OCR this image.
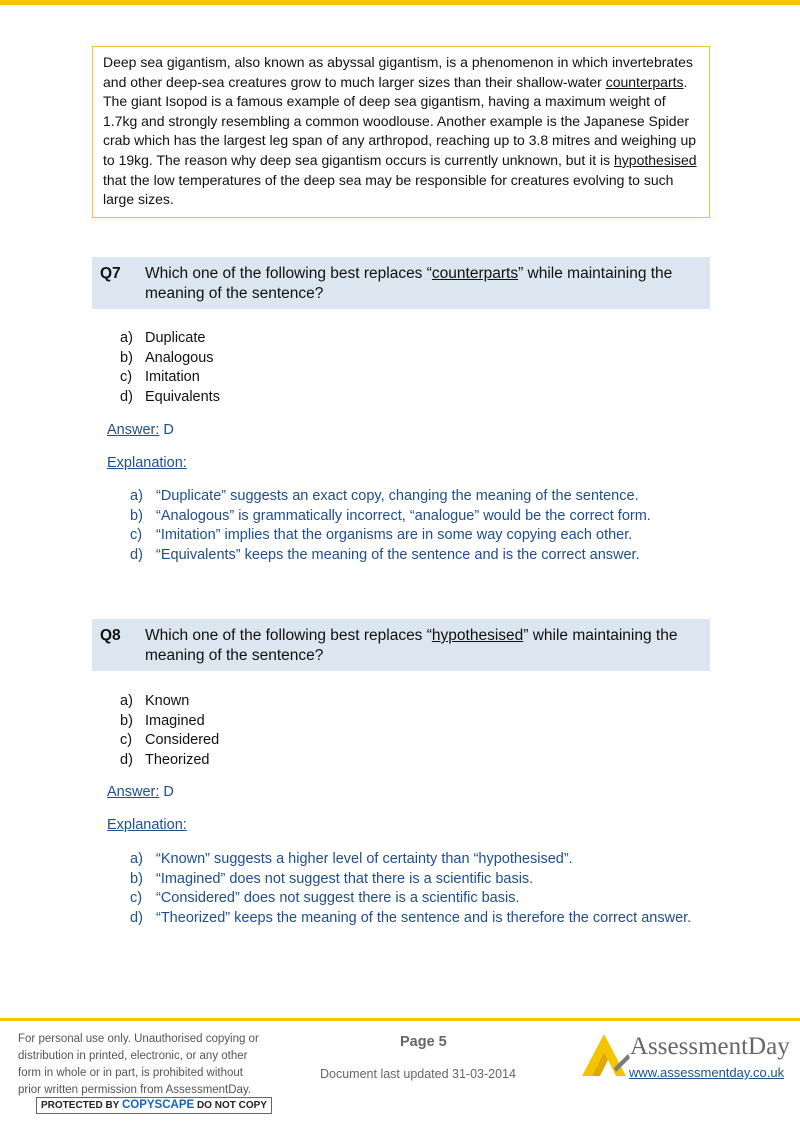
Deep sea gigantism, also known as abyssal gigantism, is a phenomenon in which invertebrates and other deep-sea creatures grow to much larger sizes than their shallow-water counterparts. The giant Isopod is a famous example of deep sea gigantism, having a maximum weight of 1.7kg and strongly resembling a common woodlouse. Another example is the Japanese Spider crab which has the largest leg span of any arthropod, reaching up to 3.8 mitres and weighing up to 19kg. The reason why deep sea gigantism occurs is currently unknown, but it is hypothesised that the low temperatures of the deep sea may be responsible for creatures evolving to such large sizes.
Q7 Which one of the following best replaces “counterparts” while maintaining the meaning of the sentence?
a) Duplicate
b) Analogous
c) Imitation
d) Equivalents
Answer: D
Explanation:
a) “Duplicate” suggests an exact copy, changing the meaning of the sentence.
b) “Analogous” is grammatically incorrect, “analogue” would be the correct form.
c) “Imitation” implies that the organisms are in some way copying each other.
d) “Equivalents” keeps the meaning of the sentence and is the correct answer.
Q8 Which one of the following best replaces “hypothesised” while maintaining the meaning of the sentence?
a) Known
b) Imagined
c) Considered
d) Theorized
Answer: D
Explanation:
a) “Known” suggests a higher level of certainty than “hypothesised”.
b) “Imagined” does not suggest that there is a scientific basis.
c) “Considered” does not suggest there is a scientific basis.
d) “Theorized” keeps the meaning of the sentence and is therefore the correct answer.
For personal use only. Unauthorised copying or
distribution in printed, electronic, or any other
form in whole or in part, is prohibited without
prior written permission from AssessmentDay.
PROTECTED BY COPYSCAPE DO NOT COPY
Page 5
Document last updated 31-03-2014
AssessmentDay
www.assessmentday.co.uk
